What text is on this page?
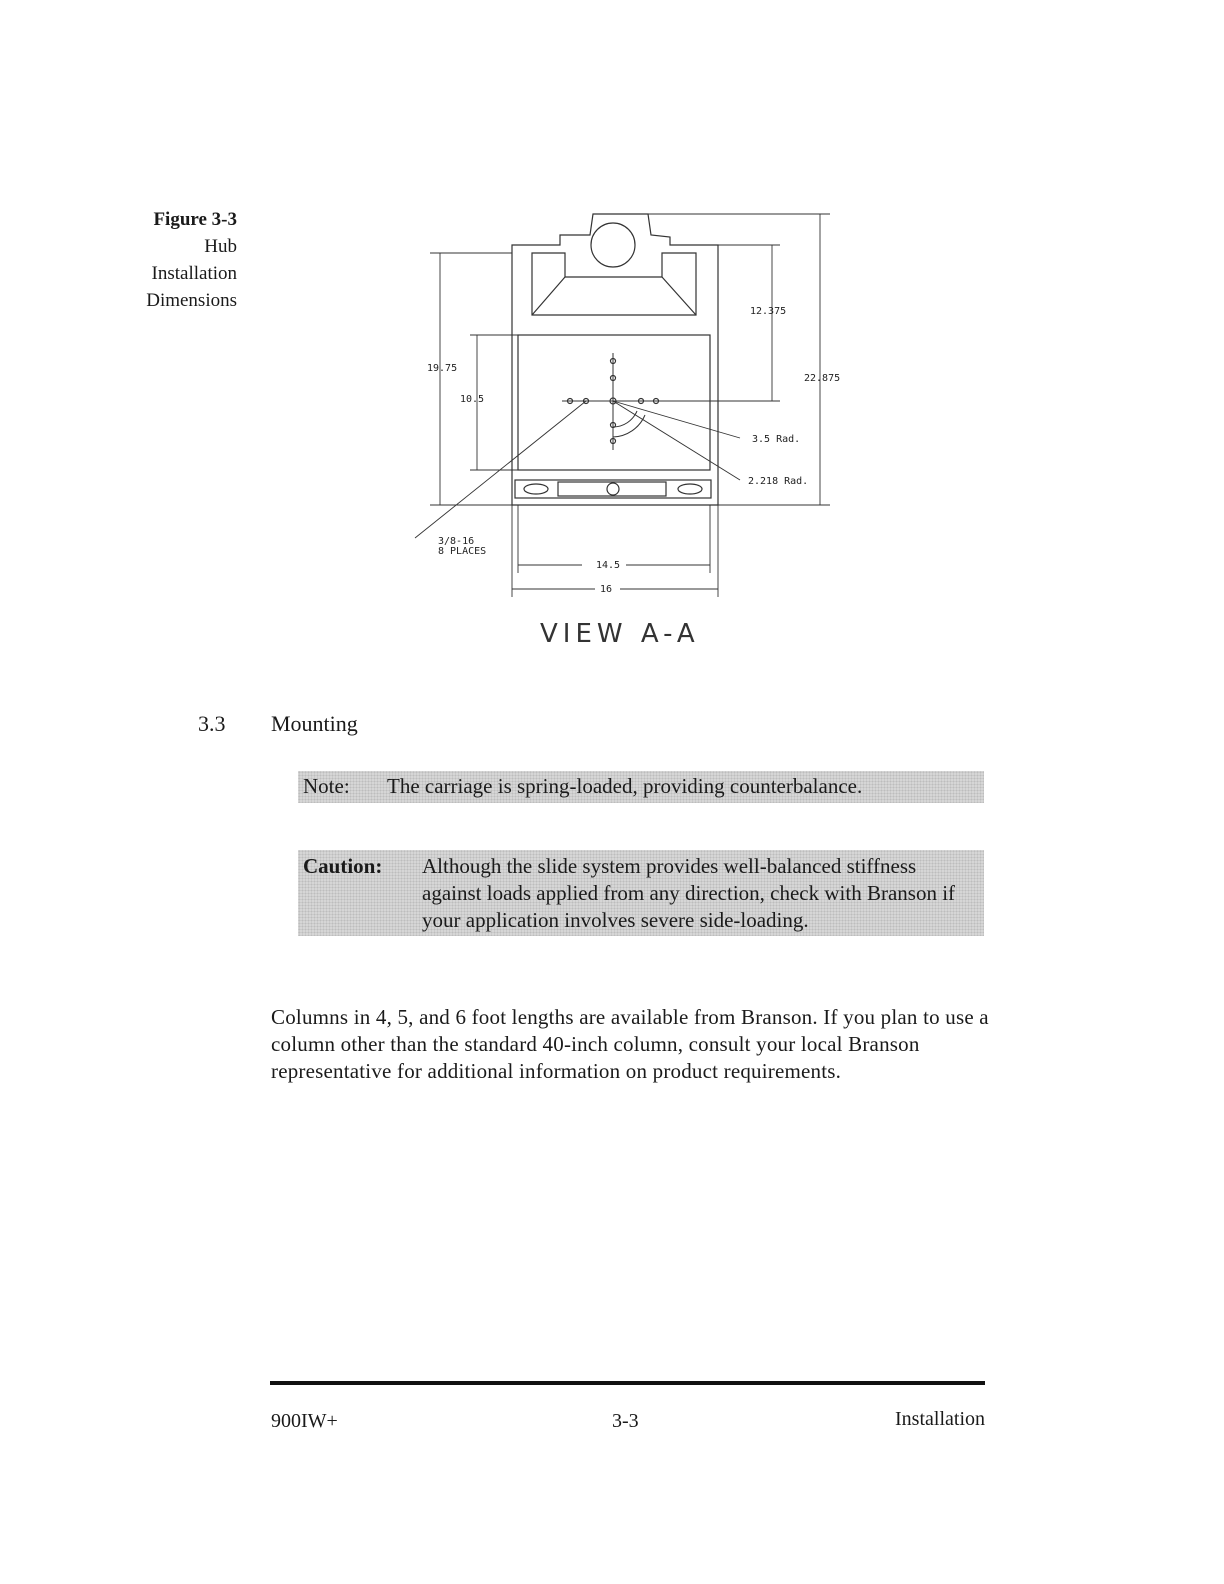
Figure 3-3
Hub
Installation
Dimensions
12.375
22.875
19.75
10.5
3.5 Rad.
2.218 Rad.
3/8-16
8 PLACES
14.5
16
VIEW A-A
3.3 Mounting
Note: The carriage is spring-loaded, providing counterbalance.
Caution: Although the slide system provides well-balanced stiffness against loads applied from any direction, check with Branson if your application involves severe side-loading.
Columns in 4, 5, and 6 foot lengths are available from Branson. If you plan to use a column other than the standard 40-inch column, consult your local Branson representative for additional information on product requirements.
900IW+	3-3	Installation
